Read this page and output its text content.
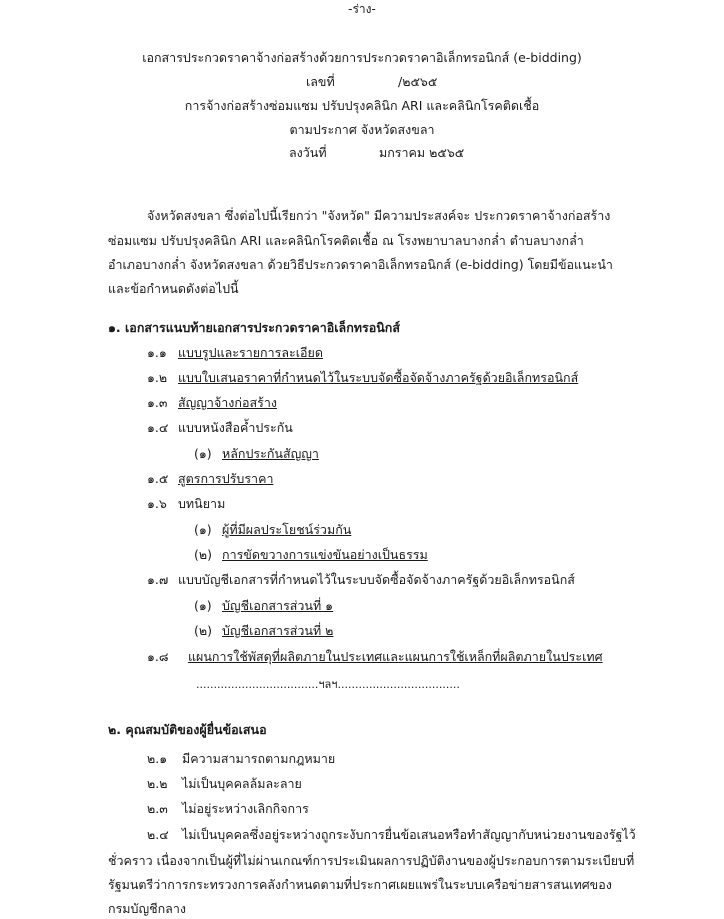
-ร่าง-
เอกสารประกวดราคาจ้างก่อสร้างด้วยการประกวดราคาอิเล็กทรอนิกส์ (e-bidding)
เลขที่	/๒๕๖๕
การจ้างก่อสร้างซ่อมแซม ปรับปรุงคลินิก ARI และคลินิกโรคติดเชื้อ
ตามประกาศ จังหวัดสงขลา
ลงวันที่	มกราคม ๒๕๖๕
จังหวัดสงขลา ซึ่งต่อไปนี้เรียกว่า "จังหวัด" มีความประสงค์จะ ประกวดราคาจ้างก่อสร้าง
ซ่อมแซม ปรับปรุงคลินิก ARI และคลินิกโรคติดเชื้อ ณ โรงพยาบาลบางกล่ำ ตำบลบางกล่ำ
อำเภอบางกล่ำ จังหวัดสงขลา ด้วยวิธีประกวดราคาอิเล็กทรอนิกส์ (e-bidding) โดยมีข้อแนะนำ
และข้อกำหนดดังต่อไปนี้
๑. เอกสารแนบท้ายเอกสารประกวดราคาอิเล็กทรอนิกส์
๑.๑ แบบรูปและรายการละเอียด
๑.๒ แบบใบเสนอราคาที่กำหนดไว้ในระบบจัดซื้อจัดจ้างภาครัฐด้วยอิเล็กทรอนิกส์
๑.๓ สัญญาจ้างก่อสร้าง
๑.๔ แบบหนังสือค้ำประกัน
(๑) หลักประกันสัญญา
๑.๕ สูตรการปรับราคา
๑.๖ บทนิยาม
(๑) ผู้ที่มีผลประโยชน์ร่วมกัน
(๒) การขัดขวางการแข่งขันอย่างเป็นธรรม
๑.๗ แบบบัญชีเอกสารที่กำหนดไว้ในระบบจัดซื้อจัดจ้างภาครัฐด้วยอิเล็กทรอนิกส์
(๑) บัญชีเอกสารส่วนที่ ๑
(๒) บัญชีเอกสารส่วนที่ ๒
๑.๘ แผนการใช้พัสดุที่ผลิตภายในประเทศและแผนการใช้เหล็กที่ผลิตภายในประเทศ
...................................ฯลฯ...................................
๒. คุณสมบัติของผู้ยื่นข้อเสนอ
๒.๑ มีความสามารถตามกฎหมาย
๒.๒ ไม่เป็นบุคคลล้มละลาย
๒.๓ ไม่อยู่ระหว่างเลิกกิจการ
๒.๔ ไม่เป็นบุคคลซึ่งอยู่ระหว่างถูกระงับการยื่นข้อเสนอหรือทำสัญญากับหน่วยงานของรัฐไว้
ชั่วคราว เนื่องจากเป็นผู้ที่ไม่ผ่านเกณฑ์การประเมินผลการปฏิบัติงานของผู้ประกอบการตามระเบียบที่
รัฐมนตรีว่าการกระทรวงการคลังกำหนดตามที่ประกาศเผยแพร่ในระบบเครือข่ายสารสนเทศของ
กรมบัญชีกลาง
